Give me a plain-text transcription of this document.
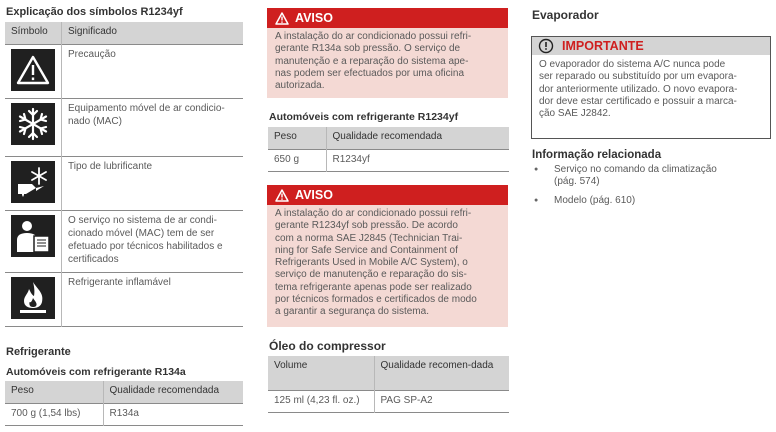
Explicação dos símbolos R1234yf
Símbolo	Significado

	Precaução

	Equipamento móvel de ar condicio-nado (MAC)

	Tipo de lubrificante

	O serviço no sistema de ar condi-cionado móvel (MAC) tem de ser efetuado por técnicos habilitados e certificados

	Refrigerante inflamável
Refrigerante
Automóveis com refrigerante R134a
Peso	Qualidade recomendada
700 g (1,54 lbs)	R134a
AVISO
A instalação do ar condicionado possui refri-
gerante R134a sob pressão. O serviço de
manutenção e a reparação do sistema ape-
nas podem ser efectuados por uma oficina
autorizada.
Automóveis com refrigerante R1234yf
Peso	Qualidade recomendada
650 g	R1234yf
AVISO
A instalação do ar condicionado possui refri-
gerante R1234yf sob pressão. De acordo
com a norma SAE J2845 (Technician Trai-
ning for Safe Service and Containment of
Refrigerants Used in Mobile A/C System), o
serviço de manutenção e reparação do sis-
tema refrigerante apenas pode ser realizado
por técnicos formados e certificados de modo
a garantir a segurança do sistema.
Óleo do compressor
Volume	Qualidade recomen-dada
125 ml (4,23 fl. oz.)	PAG SP-A2
Evaporador
IMPORTANTE
O evaporador do sistema A/C nunca pode
ser reparado ou substituído por um evapora-
dor anteriormente utilizado. O novo evapora-
dor deve estar certificado e possuir a marca-
ção SAE J2842.
Informação relacionada
● Serviço no comando da climatização
(pág. 574)
● Modelo (pág. 610)
